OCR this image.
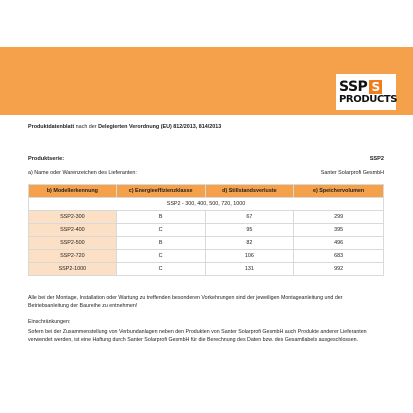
SSP S
PRODUCTS
Produktdatenblatt nach der Delegierten Verordnung (EU) 812/2013, 814/2013
Produktserie:	SSP2
a) Name oder Warenzeichen des Lieferanten:	Santer Solarprofi GesmbH
b) Modellerkennung	c) Energieeffizienzklasse	d) Stillstandsverluste	e) Speichervolumen
SSP2 - 300, 400, 500, 720, 1000			
SSP2-300	B	67	299
SSP2-400	C	95	395
SSP2-500	B	82	496
SSP2-720	C	106	683
SSP2-1000	C	131	992

Alle bei der Montage, Installation oder Wartung zu treffenden besonderen Vorkehrungen sind der jeweiligen Montageanleitung und der Betriebsanleitung der Baureihe zu entnehmen!

Einschränkungen:

Sofern bei der Zusammenstellung von Verbundanlagen neben den Produkten von Santer Solarprofi GesmbH auch Produkte anderer Lieferanten verwendet werden, ist eine Haftung durch Santer Solarprofi GesmbH für die Berechnung des Daten bzw. des Gesamtlabels ausgeschlossen.
